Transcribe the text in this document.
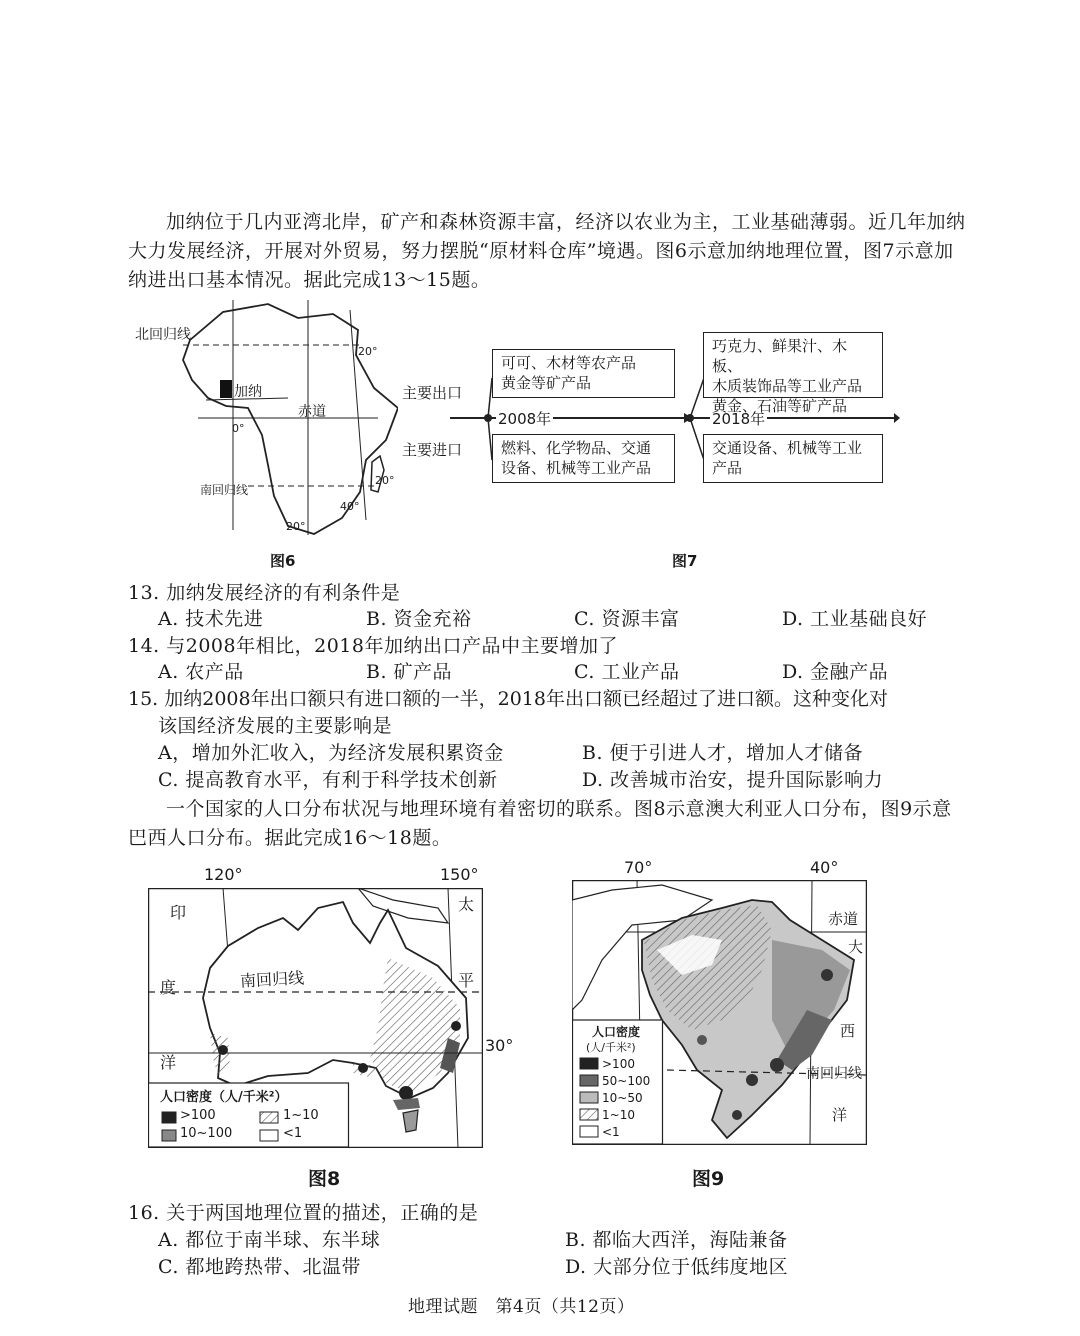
加纳位于几内亚湾北岸，矿产和森林资源丰富，经济以农业为主，工业基础薄弱。近几年加纳大力发展经济，开展对外贸易，努力摆脱“原材料仓库”境遇。图6示意加纳地理位置，图7示意加纳进出口基本情况。据此完成13～15题。
北回归线
加纳
赤道
南回归线
20°
0°
20°
40°
20°
图6
主要出口
主要进口
2008年	2018年
可可、木材等农产品
黄金等矿产品
燃料、化学物品、交通
设备、机械等工业产品
巧克力、鲜果汁、木板、
木质装饰品等工业产品
黄金、石油等矿产品
交通设备、机械等工业
产品
图7
13. 加纳发展经济的有利条件是
A. 技术先进	B. 资金充裕	C. 资源丰富	D. 工业基础良好
14. 与2008年相比，2018年加纳出口产品中主要增加了
A. 农产品	B. 矿产品	C. 工业产品	D. 金融产品
15. 加纳2008年出口额只有进口额的一半，2018年出口额已经超过了进口额。这种变化对
该国经济发展的主要影响是
A，增加外汇收入，为经济发展积累资金	B. 便于引进人才，增加人才储备
C. 提高教育水平，有利于科学技术创新	D. 改善城市治安，提升国际影响力
一个国家的人口分布状况与地理环境有着密切的联系。图8示意澳大利亚人口分布，图9示意巴西人口分布。据此完成16～18题。
120°	150°
30°
印
度
洋
太
平
南回归线
人口密度（人/千米²）
>100	1~10
10~100	<1
图8
70°	40°
赤道
大
西
洋
南回归线
人口密度
(人/千米²)
>100
50~100
10~50
1~10
<1
图9
16. 关于两国地理位置的描述，正确的是
A. 都位于南半球、东半球	B. 都临大西洋，海陆兼备
C. 都地跨热带、北温带	D. 大部分位于低纬度地区
地理试题　第4页（共12页）
